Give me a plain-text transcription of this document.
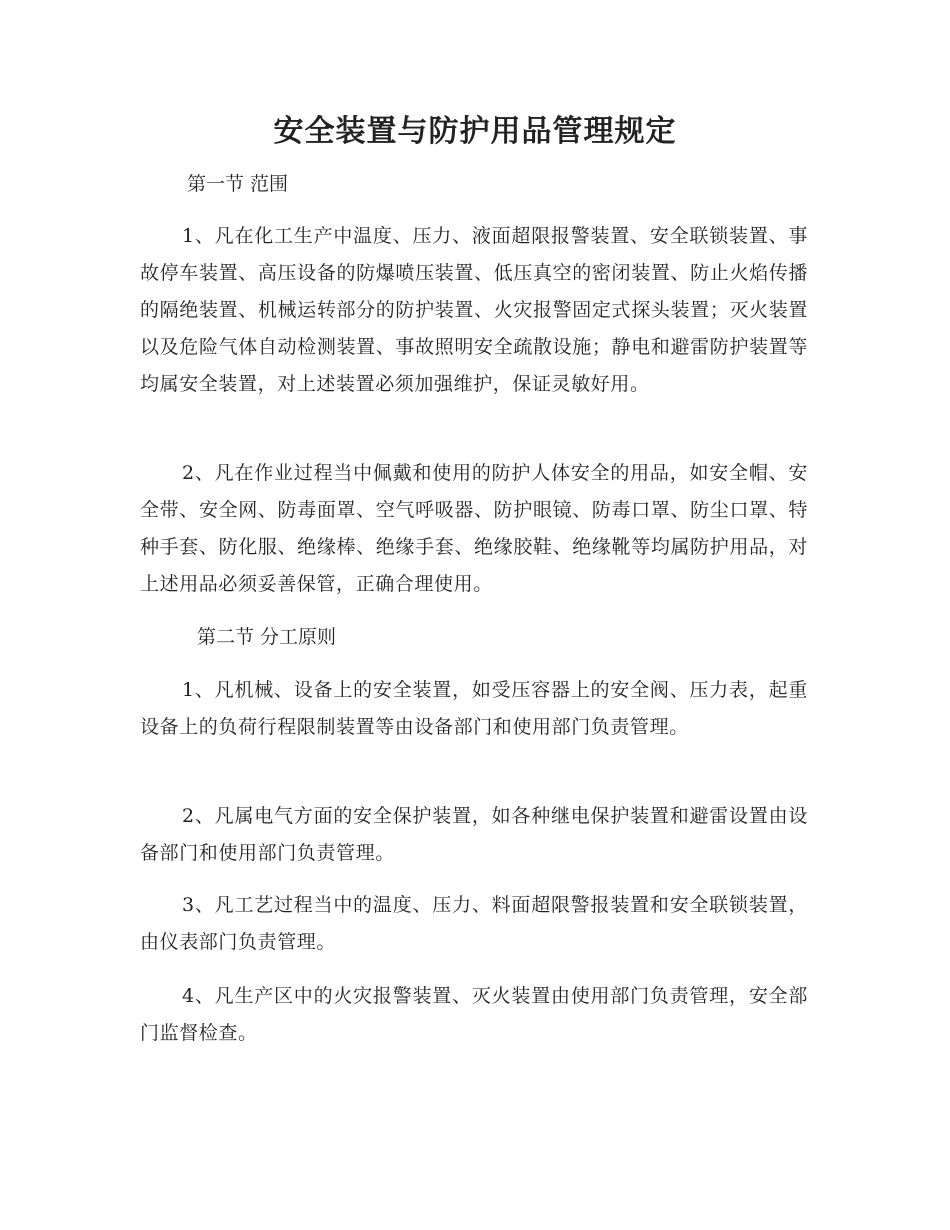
安全装置与防护用品管理规定

第一节 范围

1、凡在化工生产中温度、压力、液面超限报警装置、安全联锁装置、事故停车装置、高压设备的防爆喷压装置、低压真空的密闭装置、防止火焰传播的隔绝装置、机械运转部分的防护装置、火灾报警固定式探头装置；灭火装置以及危险气体自动检测装置、事故照明安全疏散设施；静电和避雷防护装置等均属安全装置，对上述装置必须加强维护，保证灵敏好用。

2、凡在作业过程当中佩戴和使用的防护人体安全的用品，如安全帽、安全带、安全网、防毒面罩、空气呼吸器、防护眼镜、防毒口罩、防尘口罩、特种手套、防化服、绝缘棒、绝缘手套、绝缘胶鞋、绝缘靴等均属防护用品，对上述用品必须妥善保管，正确合理使用。

第二节 分工原则

1、凡机械、设备上的安全装置，如受压容器上的安全阀、压力表，起重设备上的负荷行程限制装置等由设备部门和使用部门负责管理。

2、凡属电气方面的安全保护装置，如各种继电保护装置和避雷设置由设备部门和使用部门负责管理。

3、凡工艺过程当中的温度、压力、料面超限警报装置和安全联锁装置，由仪表部门负责管理。

4、凡生产区中的火灾报警装置、灭火装置由使用部门负责管理，安全部门监督检查。
